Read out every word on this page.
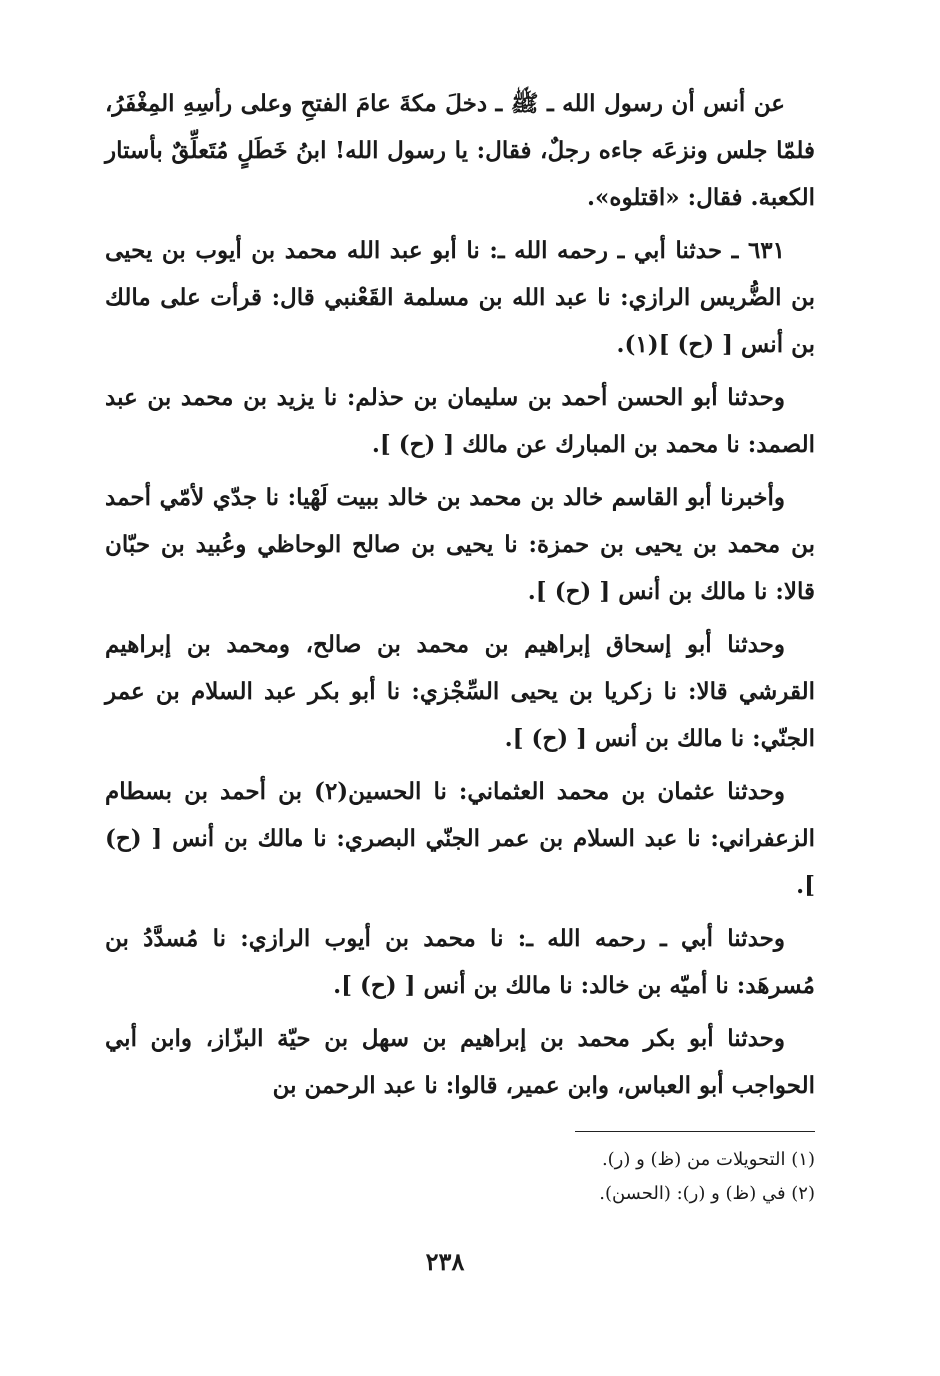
عن أنس أن رسول الله ـ ﷺ ـ دخلَ مكةَ عامَ الفتحِ وعلى رأسِهِ المِغْفَرُ، فلمّا جلس ونزعَه جاءه رجلٌ، فقال: يا رسول الله! ابنُ خَطَلٍ مُتَعلِّقٌ بأستار الكعبة. فقال: «اقتلوه».

٦٣١ ـ حدثنا أبي ـ رحمه الله ـ: نا أبو عبد الله محمد بن أيوب بن يحيى بن الضُّريس الرازي: نا عبد الله بن مسلمة القَعْنبي قال: قرأت على مالك بن أنس [ (ح) ](١).

وحدثنا أبو الحسن أحمد بن سليمان بن حذلم: نا يزيد بن محمد بن عبد الصمد: نا محمد بن المبارك عن مالك [ (ح) ].

وأخبرنا أبو القاسم خالد بن محمد بن خالد ببيت لَهْيا: نا جدّي لأمّي أحمد بن محمد بن يحيى بن حمزة: نا يحيى بن صالح الوحاظي وعُبيد بن حبّان قالا: نا مالك بن أنس [ (ح) ].

وحدثنا أبو إسحاق إبراهيم بن محمد بن صالح، ومحمد بن إبراهيم القرشي قالا: نا زكريا بن يحيى السِّجْزي: نا أبو بكر عبد السلام بن عمر الجنّي: نا مالك بن أنس [ (ح) ].

وحدثنا عثمان بن محمد العثماني: نا الحسين(٢) بن أحمد بن بسطام الزعفراني: نا عبد السلام بن عمر الجنّي البصري: نا مالك بن أنس [ (ح) ].

وحدثنا أبي ـ رحمه الله ـ: نا محمد بن أيوب الرازي: نا مُسدَّدُ بن مُسرهَد: نا أميّه بن خالد: نا مالك بن أنس [ (ح) ].

وحدثنا أبو بكر محمد بن إبراهيم بن سهل بن حيّة البزّاز، وابن أبي الحواجب أبو العباس، وابن عمير، قالوا: نا عبد الرحمن بن

(١) التحويلات من (ظ) و (ر).

(٢) في (ظ) و (ر): (الحسن).

٢٣٨
